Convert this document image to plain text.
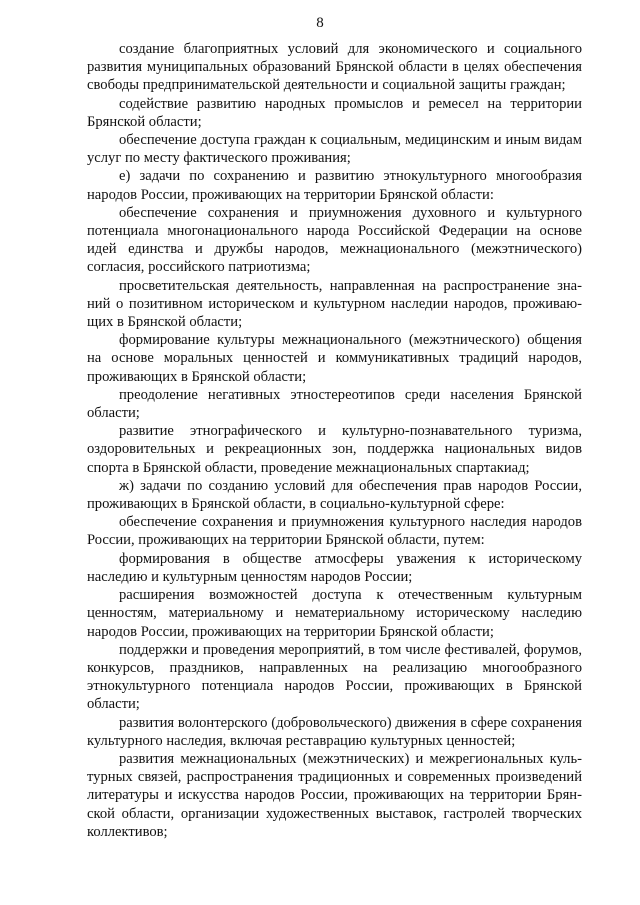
8

создание благоприятных условий для экономического и социального развития муниципальных образований Брянской области в целях обеспечения свободы предпринимательской деятельности и социальной защиты граждан;

содействие развитию народных промыслов и ремесел на территории Брянской области;

обеспечение доступа граждан к социальным, медицинским и иным видам услуг по месту фактического проживания;

е) задачи по сохранению и развитию этнокультурного многообразия народов России, проживающих на территории Брянской области:

обеспечение сохранения и приумножения духовного и культурного потенциала многонационального народа Российской Федерации на основе идей единства и дружбы народов, межнационального (межэтнического) согласия, российского патриотизма;

просветительская деятельность, направленная на распространение знаний о позитивном историческом и культурном наследии народов, проживающих в Брянской области;

формирование культуры межнационального (межэтнического) общения на основе моральных ценностей и коммуникативных традиций народов, проживающих в Брянской области;

преодоление негативных этностереотипов среди населения Брянской области;

развитие этнографического и культурно-познавательного туризма, оздоровительных и рекреационных зон, поддержка национальных видов спорта в Брянской области, проведение межнациональных спартакиад;

ж) задачи по созданию условий для обеспечения прав народов России, проживающих в Брянской области, в социально-культурной сфере:

обеспечение сохранения и приумножения культурного наследия народов России, проживающих на территории Брянской области, путем:

формирования в обществе атмосферы уважения к историческому наследию и культурным ценностям народов России;

расширения возможностей доступа к отечественным культурным ценностям, материальному и нематериальному историческому наследию народов России, проживающих на территории Брянской области;

поддержки и проведения мероприятий, в том числе фестивалей, форумов, конкурсов, праздников, направленных на реализацию многообразного этнокультурного потенциала народов России, проживающих в Брянской области;

развития волонтерского (добровольческого) движения в сфере сохранения культурного наследия, включая реставрацию культурных ценностей;

развития межнациональных (межэтнических) и межрегиональных культурных связей, распространения традиционных и современных произведений литературы и искусства народов России, проживающих на территории Брянской области, организации художественных выставок, гастролей творческих коллективов;
